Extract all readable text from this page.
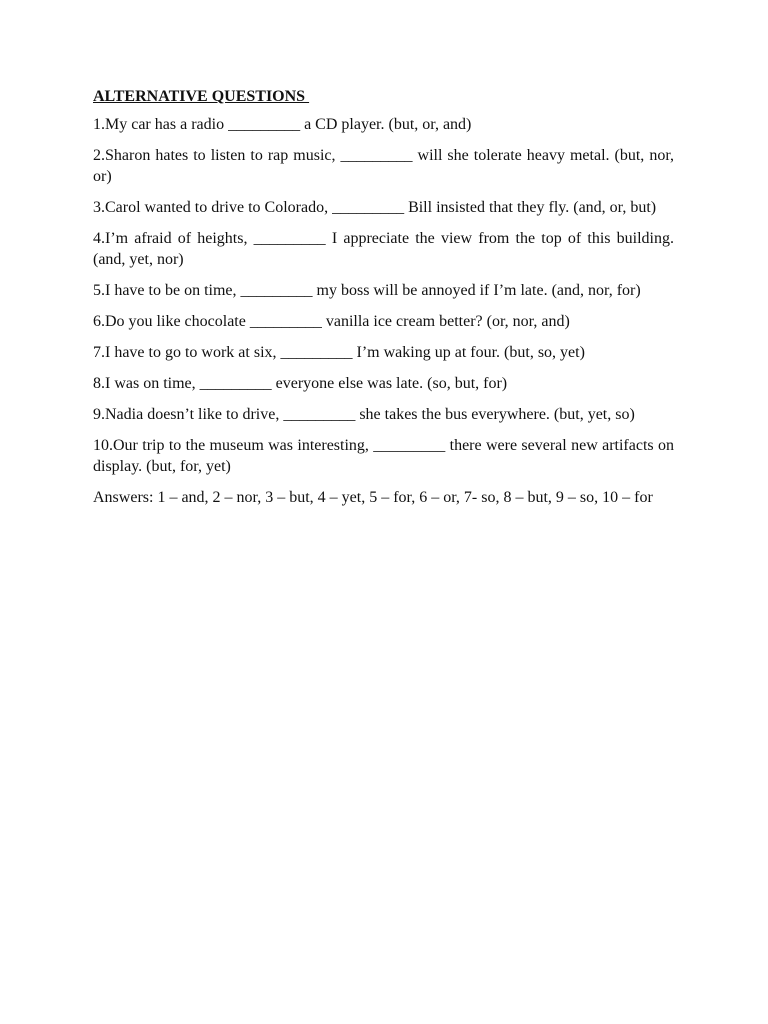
ALTERNATIVE QUESTIONS

1.My car has a radio _________ a CD player. (but, or, and)

2.Sharon hates to listen to rap music, _________ will she tolerate heavy metal. (but, nor, or)

3.Carol wanted to drive to Colorado, _________ Bill insisted that they fly. (and, or, but)

4.I’m afraid of heights, _________ I appreciate the view from the top of this building. (and, yet, nor)

5.I have to be on time, _________ my boss will be annoyed if I’m late. (and, nor, for)

6.Do you like chocolate _________ vanilla ice cream better? (or, nor, and)

7.I have to go to work at six, _________ I’m waking up at four. (but, so, yet)

8.I was on time, _________ everyone else was late. (so, but, for)

9.Nadia doesn’t like to drive, _________ she takes the bus everywhere. (but, yet, so)

10.Our trip to the museum was interesting, _________ there were several new artifacts on display. (but, for, yet)

Answers: 1 – and, 2 – nor, 3 – but, 4 – yet, 5 – for, 6 – or, 7- so, 8 – but, 9 – so, 10 – for
